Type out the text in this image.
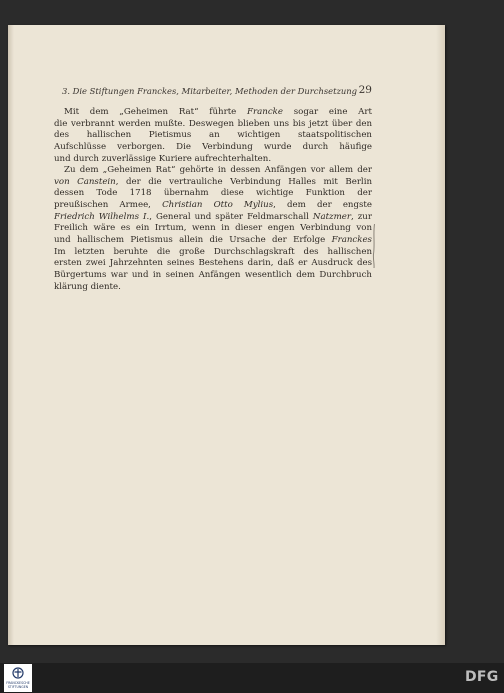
3. Die Stiftungen Franckes, Mitarbeiter, Methoden der Durchsetzung 29
Mit dem „Geheimen Rat“ führte Francke sogar eine Art
die verbrannt werden mußte. Deswegen blieben uns bis jetzt über den
des hallischen Pietismus an wichtigen staatspolitischen
Aufschlüsse verborgen. Die Verbindung wurde durch häufige
und durch zuverlässige Kuriere aufrechterhalten.
Zu dem „Geheimen Rat“ gehörte in dessen Anfängen vor allem der
von Canstein, der die vertrauliche Verbindung Halles mit Berlin
dessen Tode 1718 übernahm diese wichtige Funktion der
preußischen Armee, Christian Otto Mylius, dem der engste
Friedrich Wilhelms I., General und später Feldmarschall Natzmer, zur
Freilich wäre es ein Irrtum, wenn in dieser engen Verbindung von
und hallischem Pietismus allein die Ursache der Erfolge Franckes
Im letzten beruhte die große Durchschlagskraft des hallischen
ersten zwei Jahrzehnten seines Bestehens darin, daß er Ausdruck des
Bürgertums war und in seinen Anfängen wesentlich dem Durchbruch
klärung diente.
FRANCKESCHE
STIFTUNGEN
DFG
